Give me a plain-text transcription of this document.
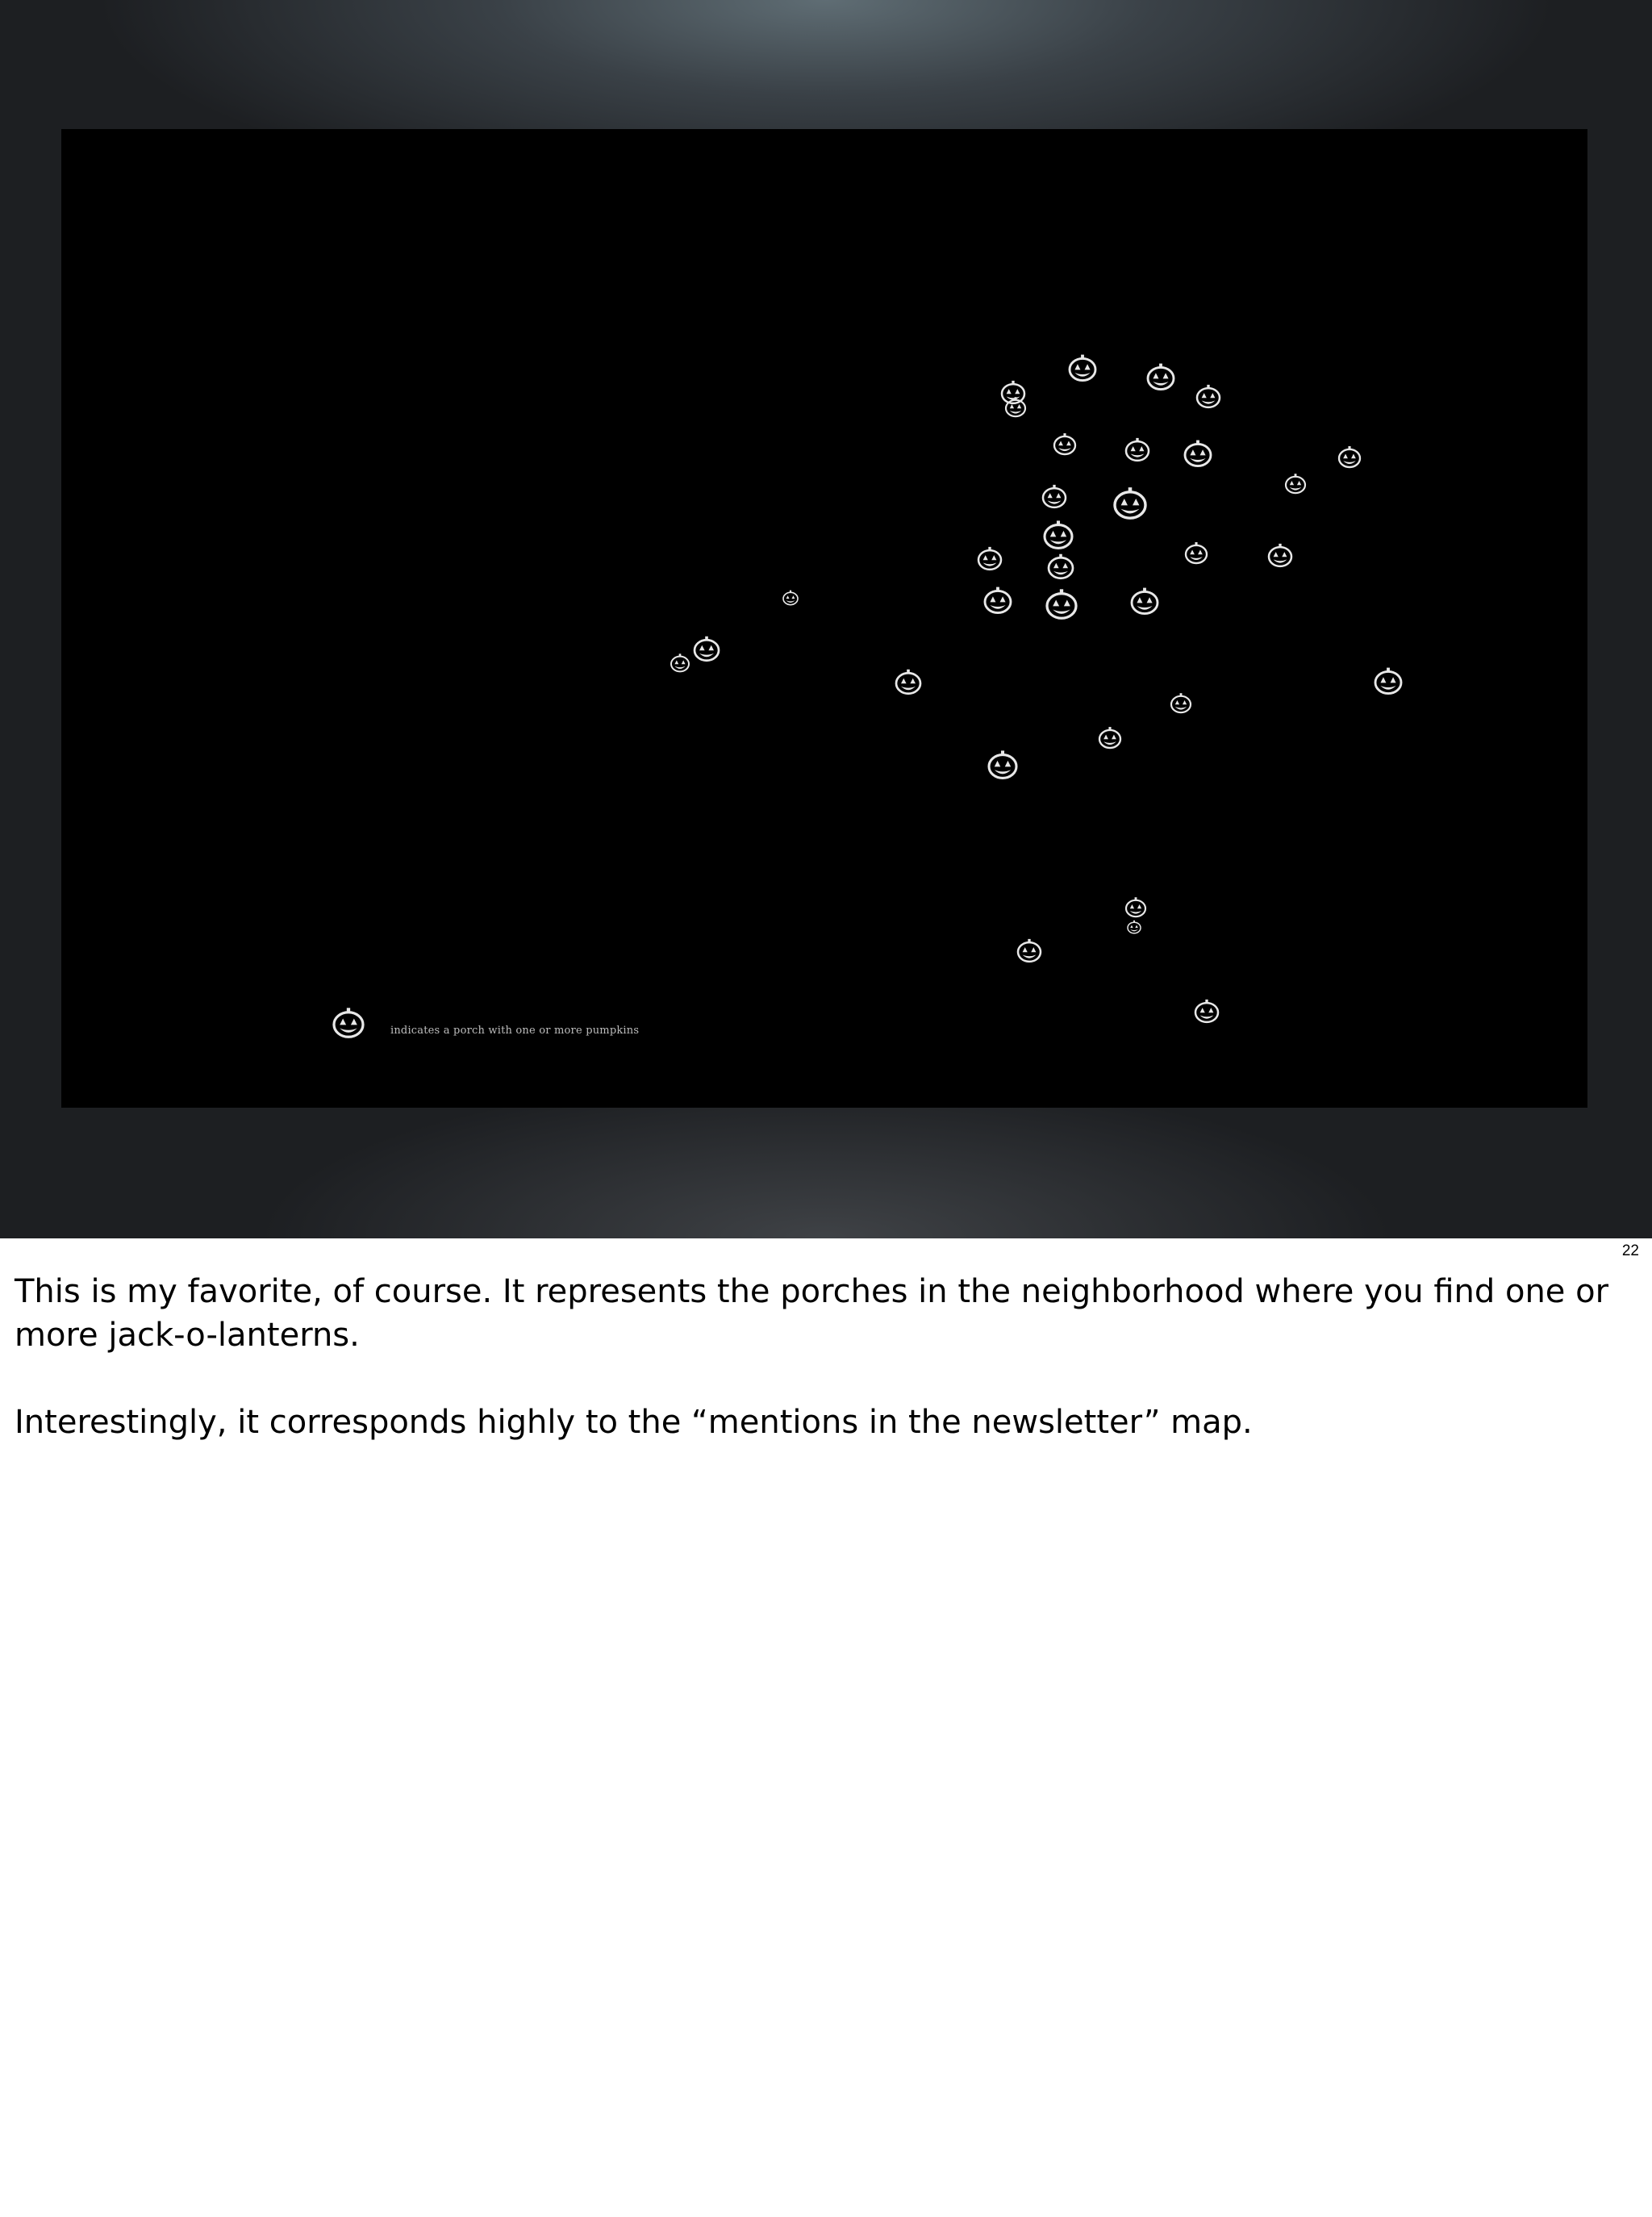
indicates a porch with one or more pumpkins
22

This is my favorite, of course. It represents the porches in the neighborhood where you find one or more jack-o-lanterns.

Interestingly, it corresponds highly to the “mentions in the newsletter” map.
